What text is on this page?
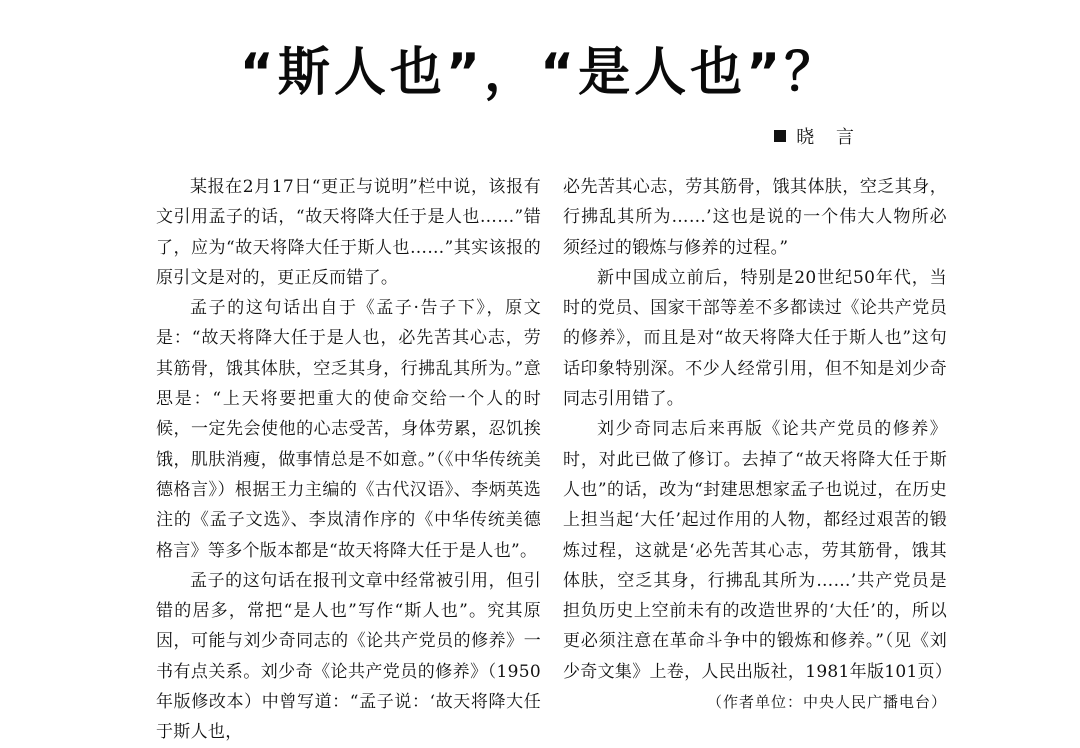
“斯人也”，“是人也”？
晓 言

某报在2月17日“更正与说明”栏中说，该报有文引用孟子的话，“故天将降大任于是人也……”错了，应为“故天将降大任于斯人也……”其实该报的原引文是对的，更正反而错了。

孟子的这句话出自于《孟子·告子下》，原文是：“故天将降大任于是人也，必先苦其心志，劳其筋骨，饿其体肤，空乏其身，行拂乱其所为。”意思是：“上天将要把重大的使命交给一个人的时候，一定先会使他的心志受苦，身体劳累，忍饥挨饿，肌肤消瘦，做事情总是不如意。”（《中华传统美德格言》）根据王力主编的《古代汉语》、李炳英选注的《孟子文选》、李岚清作序的《中华传统美德格言》等多个版本都是“故天将降大任于是人也”。

孟子的这句话在报刊文章中经常被引用，但引错的居多，常把“是人也”写作“斯人也”。究其原因，可能与刘少奇同志的《论共产党员的修养》一书有点关系。刘少奇《论共产党员的修养》（1950年版修改本）中曾写道：“孟子说：‘故天将降大任于斯人也，

必先苦其心志，劳其筋骨，饿其体肤，空乏其身，行拂乱其所为……’这也是说的一个伟大人物所必须经过的锻炼与修养的过程。”

新中国成立前后，特别是20世纪50年代，当时的党员、国家干部等差不多都读过《论共产党员的修养》，而且是对“故天将降大任于斯人也”这句话印象特别深。不少人经常引用，但不知是刘少奇同志引用错了。

刘少奇同志后来再版《论共产党员的修养》时，对此已做了修订。去掉了“故天将降大任于斯人也”的话，改为“封建思想家孟子也说过，在历史上担当起‘大任’起过作用的人物，都经过艰苦的锻炼过程，这就是‘必先苦其心志，劳其筋骨，饿其体肤，空乏其身，行拂乱其所为……’共产党员是担负历史上空前未有的改造世界的‘大任’的，所以更必须注意在革命斗争中的锻炼和修养。”（见《刘少奇文集》上卷，人民出版社，1981年版101页）

（作者单位：中央人民广播电台）
